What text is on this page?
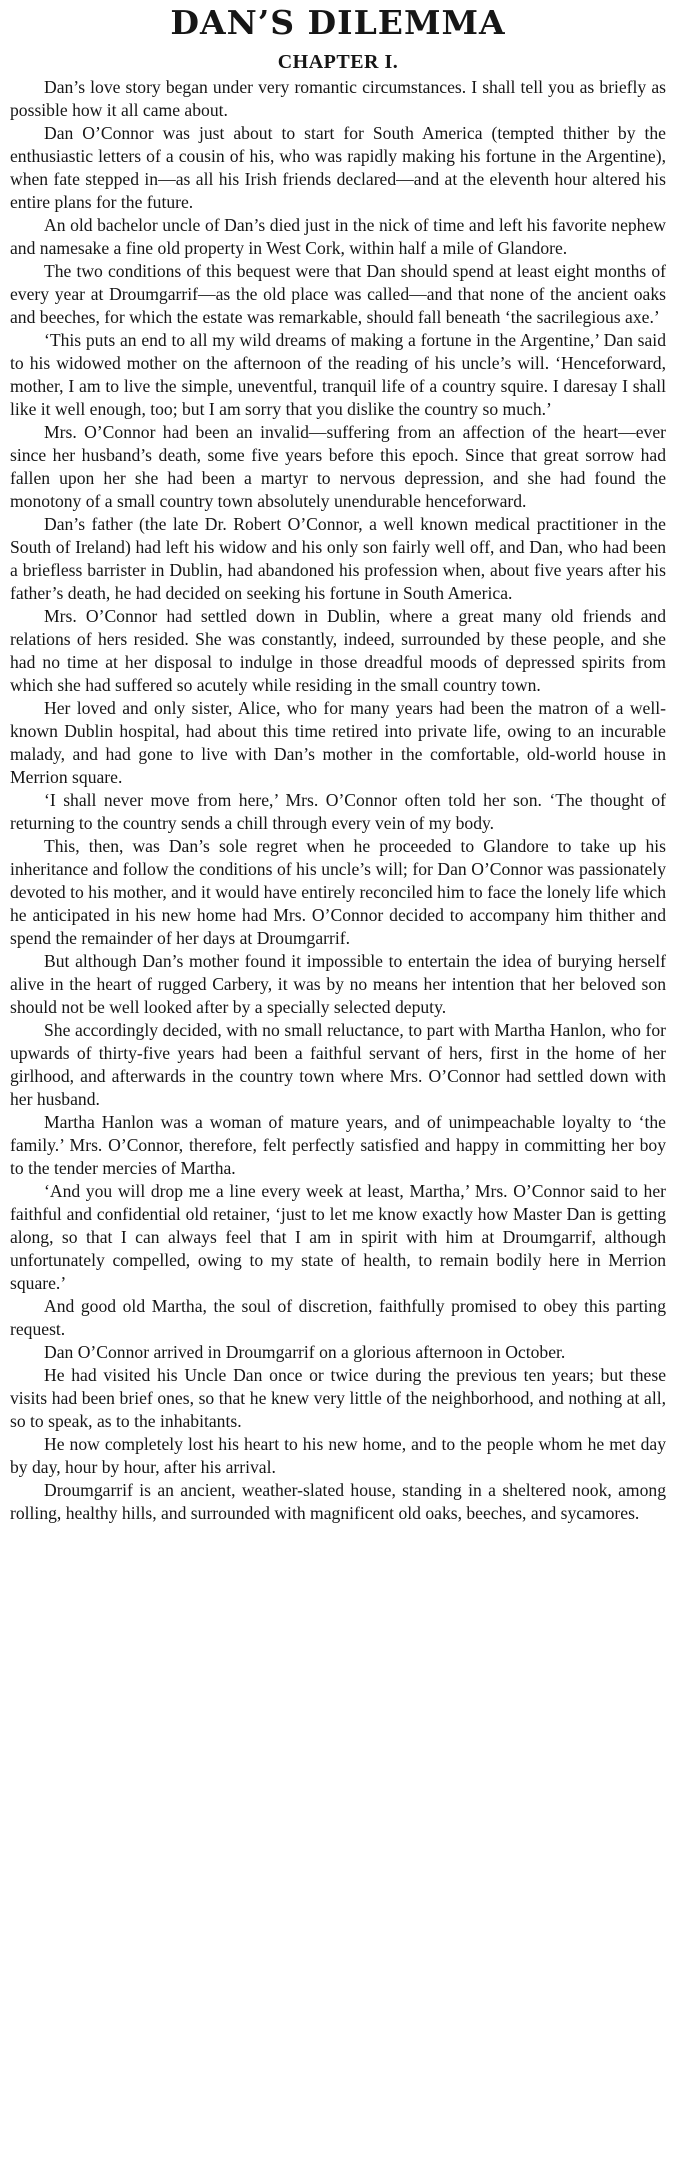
DAN’S DILEMMA
CHAPTER I.

Dan’s love story began under very romantic circumstances. I shall tell you as briefly as possible how it all came about.

Dan O’Connor was just about to start for South America (tempted thither by the enthusiastic letters of a cousin of his, who was rapidly making his fortune in the Argentine), when fate stepped in—as all his Irish friends declared—and at the eleventh hour altered his entire plans for the future.

An old bachelor uncle of Dan’s died just in the nick of time and left his favorite nephew and namesake a fine old property in West Cork, within half a mile of Glandore.

The two conditions of this bequest were that Dan should spend at least eight months of every year at Droumgarrif—as the old place was called—and that none of the ancient oaks and beeches, for which the estate was remarkable, should fall beneath ‘the sacrilegious axe.’

‘This puts an end to all my wild dreams of making a fortune in the Argentine,’ Dan said to his widowed mother on the afternoon of the reading of his uncle’s will. ‘Henceforward, mother, I am to live the simple, uneventful, tranquil life of a country squire. I daresay I shall like it well enough, too; but I am sorry that you dislike the country so much.’

Mrs. O’Connor had been an invalid—suffering from an affection of the heart—ever since her husband’s death, some five years before this epoch. Since that great sorrow had fallen upon her she had been a martyr to nervous depression, and she had found the monotony of a small country town absolutely unendurable henceforward.

Dan’s father (the late Dr. Robert O’Connor, a well known medical practitioner in the South of Ireland) had left his widow and his only son fairly well off, and Dan, who had been a briefless barrister in Dublin, had abandoned his profession when, about five years after his father’s death, he had decided on seeking his fortune in South America.

Mrs. O’Connor had settled down in Dublin, where a great many old friends and relations of hers resided. She was constantly, indeed, surrounded by these people, and she had no time at her disposal to indulge in those dreadful moods of depressed spirits from which she had suffered so acutely while residing in the small country town.

Her loved and only sister, Alice, who for many years had been the matron of a well-known Dublin hospital, had about this time retired into private life, owing to an incurable malady, and had gone to live with Dan’s mother in the comfortable, old-world house in Merrion square.

‘I shall never move from here,’ Mrs. O’Connor often told her son. ‘The thought of returning to the country sends a chill through every vein of my body.

This, then, was Dan’s sole regret when he proceeded to Glandore to take up his inheritance and follow the conditions of his uncle’s will; for Dan O’Connor was passionately devoted to his mother, and it would have entirely reconciled him to face the lonely life which he anticipated in his new home had Mrs. O’Connor decided to accompany him thither and spend the remainder of her days at Droumgarrif.

But although Dan’s mother found it impossible to entertain the idea of burying herself alive in the heart of rugged Carbery, it was by no means her intention that her beloved son should not be well looked after by a specially selected deputy.

She accordingly decided, with no small reluctance, to part with Martha Hanlon, who for upwards of thirty-five years had been a faithful servant of hers, first in the home of her girlhood, and afterwards in the country town where Mrs. O’Connor had settled down with her husband.

Martha Hanlon was a woman of mature years, and of unimpeachable loyalty to ‘the family.’ Mrs. O’Connor, therefore, felt perfectly satisfied and happy in committing her boy to the tender mercies of Martha.

‘And you will drop me a line every week at least, Martha,’ Mrs. O’Connor said to her faithful and confidential old retainer, ‘just to let me know exactly how Master Dan is getting along, so that I can always feel that I am in spirit with him at Droumgarrif, although unfortunately compelled, owing to my state of health, to remain bodily here in Merrion square.’

And good old Martha, the soul of discretion, faithfully promised to obey this parting request.

Dan O’Connor arrived in Droumgarrif on a glorious afternoon in October.

He had visited his Uncle Dan once or twice during the previous ten years; but these visits had been brief ones, so that he knew very little of the neighborhood, and nothing at all, so to speak, as to the inhabitants.

He now completely lost his heart to his new home, and to the people whom he met day by day, hour by hour, after his arrival.

Droumgarrif is an ancient, weather-slated house, standing in a sheltered nook, among rolling, healthy hills, and surrounded with magnificent old oaks, beeches, and sycamores.
